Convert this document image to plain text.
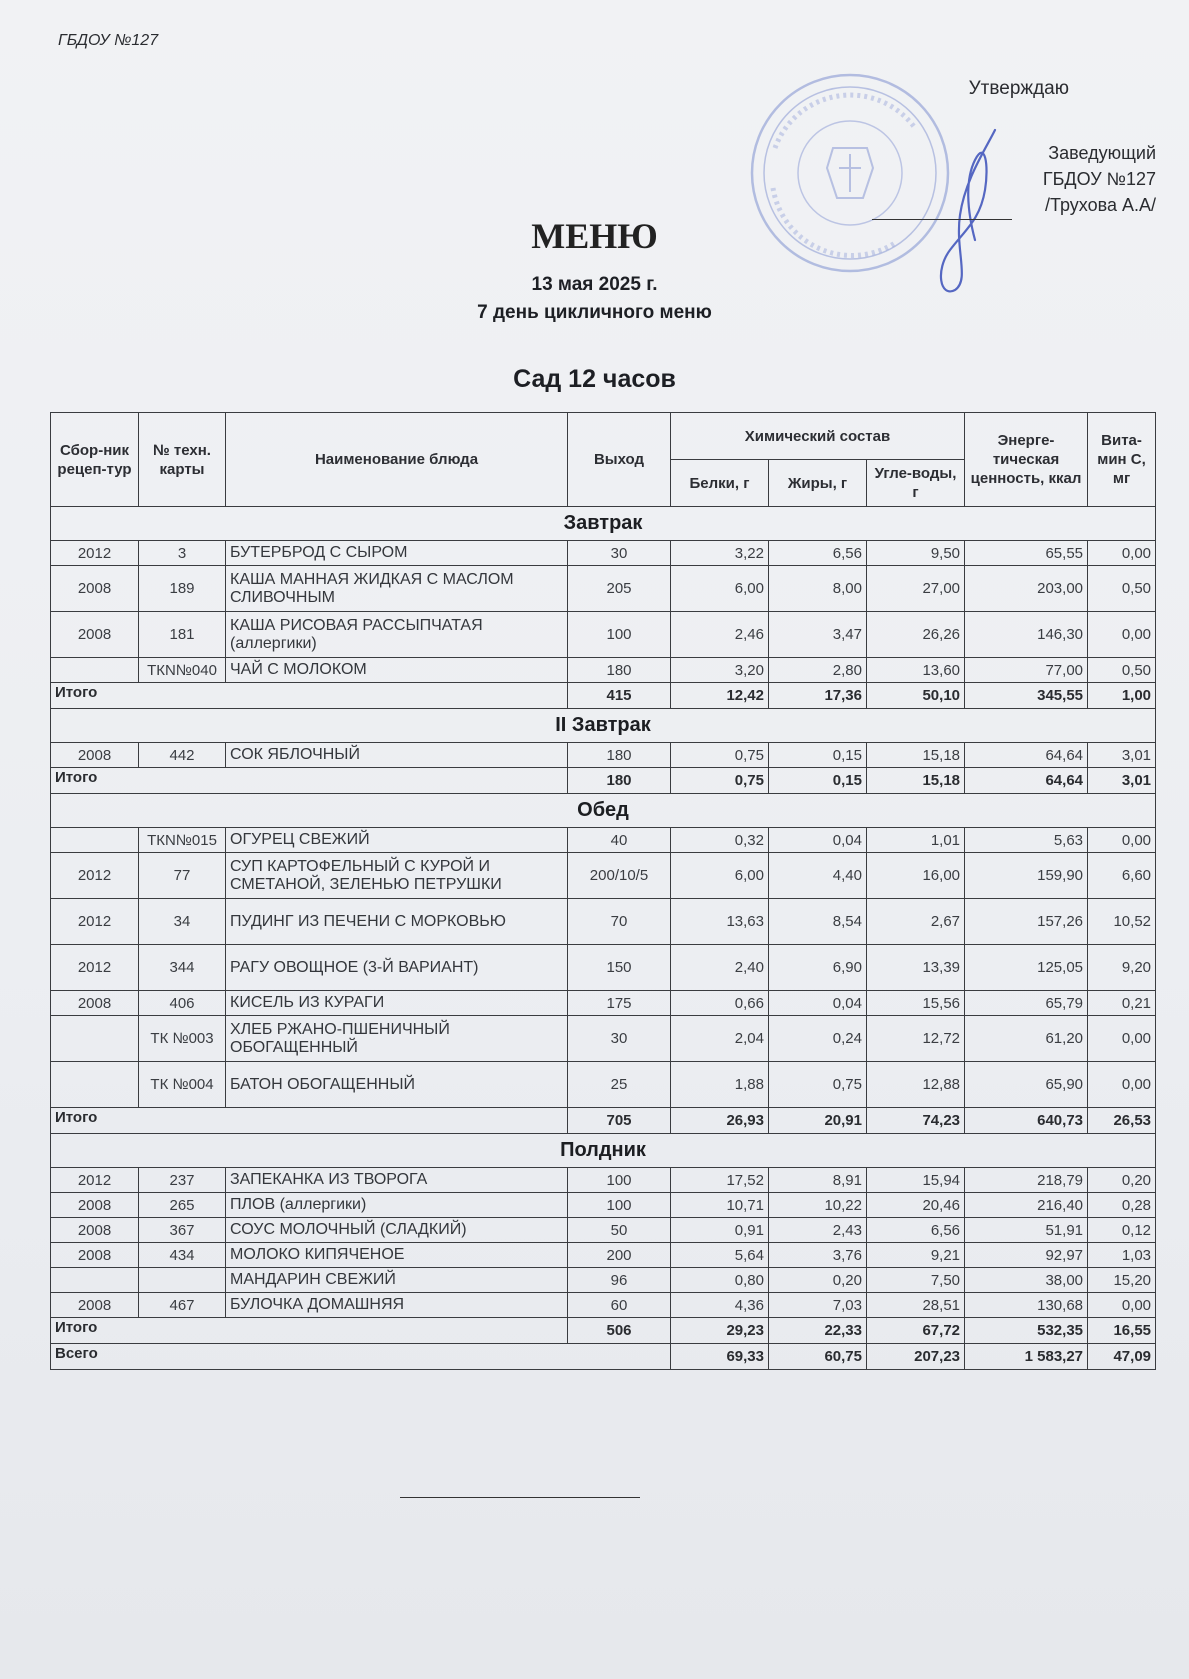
ГБДОУ №127
Утверждаю
Заведующий
ГБДОУ №127
/Трухова А.А/
МЕНЮ
13 мая 2025 г.
7 день цикличного меню
Сад 12 часов
Сбор-ник рецеп-тур	№ техн. карты	Наименование блюда	Выход	Химический состав			Энерге-тическая ценность, ккал	Вита-мин С, мг
				Белки, г	Жиры, г	Угле-воды, г		
Завтрак								
2012	3	БУТЕРБРОД С СЫРОМ	30	3,22	6,56	9,50	65,55	0,00
2008	189	КАША МАННАЯ ЖИДКАЯ С МАСЛОМ СЛИВОЧНЫМ	205	6,00	8,00	27,00	203,00	0,50
2008	181	КАША РИСОВАЯ РАССЫПЧАТАЯ (аллергики)	100	2,46	3,47	26,26	146,30	0,00
	ТКN№040	ЧАЙ С МОЛОКОМ	180	3,20	2,80	13,60	77,00	0,50
Итого			415	12,42	17,36	50,10	345,55	1,00
II Завтрак								
2008	442	СОК ЯБЛОЧНЫЙ	180	0,75	0,15	15,18	64,64	3,01
Итого			180	0,75	0,15	15,18	64,64	3,01
Обед								
	ТКN№015	ОГУРЕЦ СВЕЖИЙ	40	0,32	0,04	1,01	5,63	0,00
2012	77	СУП КАРТОФЕЛЬНЫЙ С КУРОЙ И СМЕТАНОЙ, ЗЕЛЕНЬЮ ПЕТРУШКИ	200/10/5	6,00	4,40	16,00	159,90	6,60
2012	34	ПУДИНГ ИЗ ПЕЧЕНИ С МОРКОВЬЮ	70	13,63	8,54	2,67	157,26	10,52
2012	344	РАГУ ОВОЩНОЕ (3-Й ВАРИАНТ)	150	2,40	6,90	13,39	125,05	9,20
2008	406	КИСЕЛЬ ИЗ КУРАГИ	175	0,66	0,04	15,56	65,79	0,21
	ТК №003	ХЛЕБ РЖАНО-ПШЕНИЧНЫЙ ОБОГАЩЕННЫЙ	30	2,04	0,24	12,72	61,20	0,00
	ТК №004	БАТОН ОБОГАЩЕННЫЙ	25	1,88	0,75	12,88	65,90	0,00
Итого			705	26,93	20,91	74,23	640,73	26,53
Полдник								
2012	237	ЗАПЕКАНКА ИЗ ТВОРОГА	100	17,52	8,91	15,94	218,79	0,20
2008	265	ПЛОВ (аллергики)	100	10,71	10,22	20,46	216,40	0,28
2008	367	СОУС МОЛОЧНЫЙ (СЛАДКИЙ)	50	0,91	2,43	6,56	51,91	0,12
2008	434	МОЛОКО КИПЯЧЕНОЕ	200	5,64	3,76	9,21	92,97	1,03
		МАНДАРИН СВЕЖИЙ	96	0,80	0,20	7,50	38,00	15,20
2008	467	БУЛОЧКА ДОМАШНЯЯ	60	4,36	7,03	28,51	130,68	0,00
Итого			506	29,23	22,33	67,72	532,35	16,55
Всего				69,33	60,75	207,23	1 583,27	47,09
